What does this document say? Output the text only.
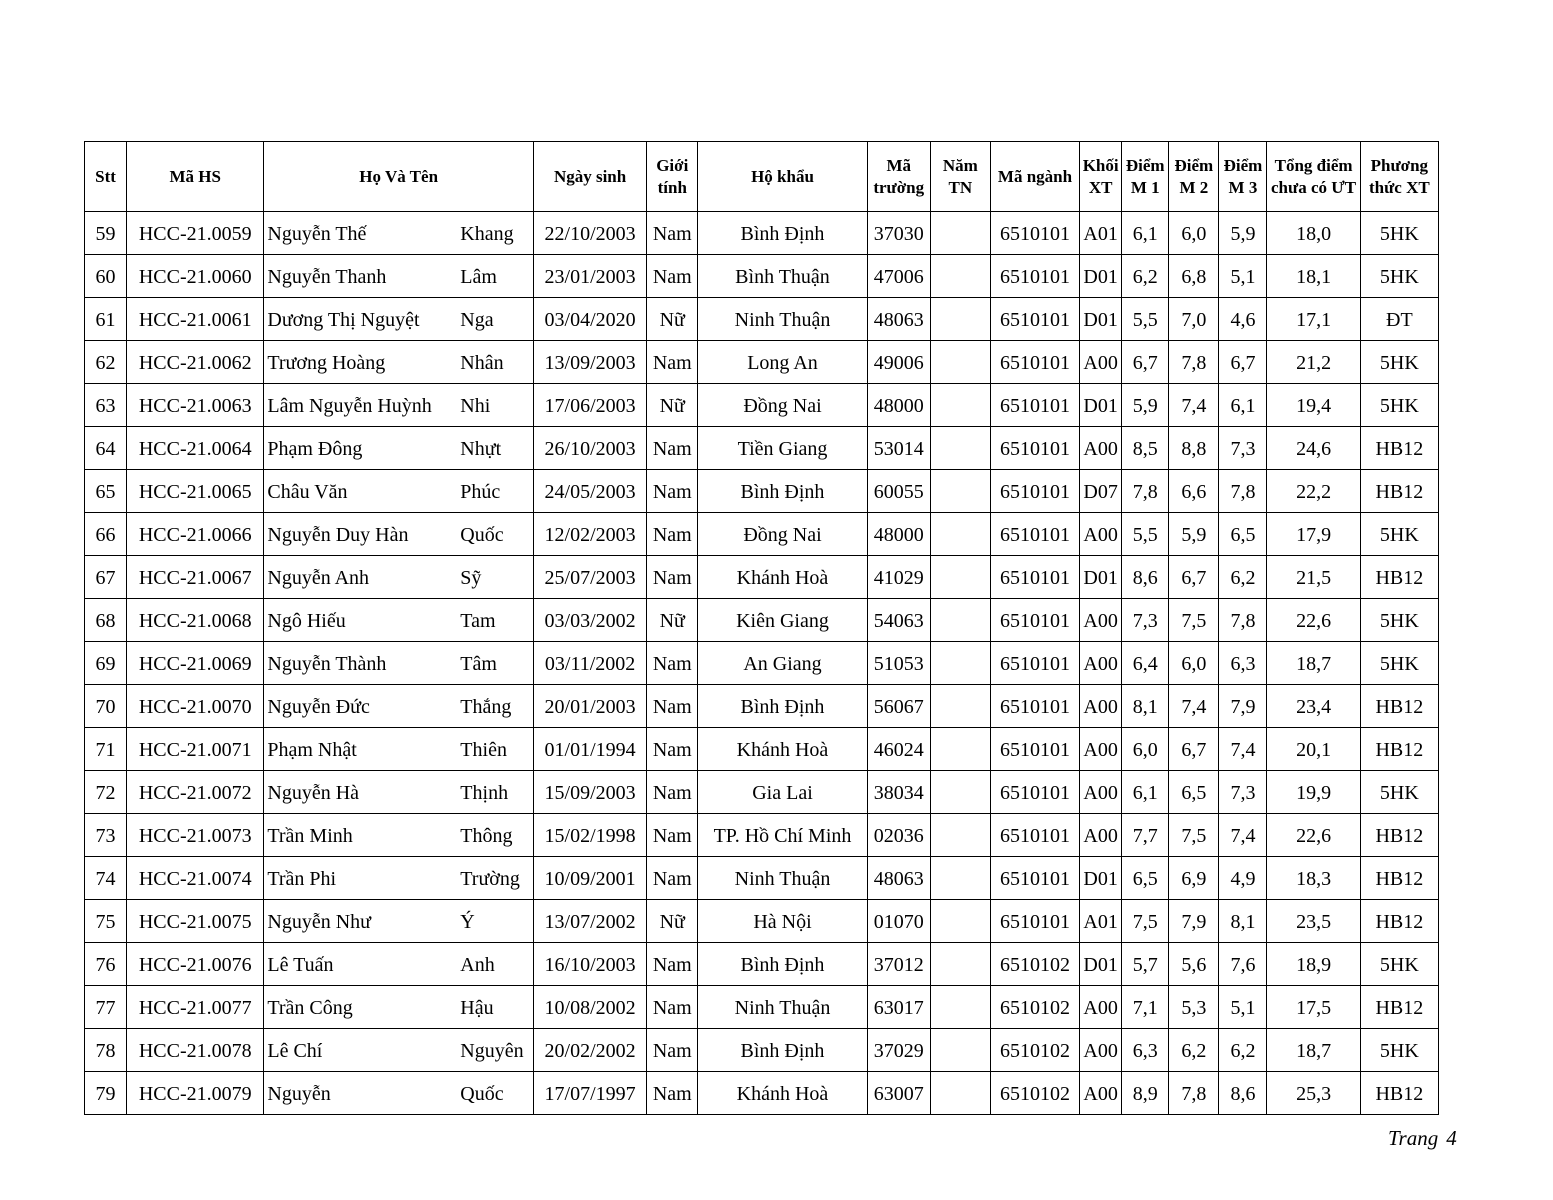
Stt	Mã HS	Họ Và Tên		Ngày sinh	Giới tính	Hộ khẩu	Mã trường	Năm TN	Mã ngành	Khối XT	Điểm M 1	Điểm M 2	Điểm M 3	Tổng điểm chưa có ƯT	Phương thức XT
59	HCC-21.0059	Nguyễn Thế	Khang	22/10/2003	Nam	Bình Định	37030		6510101	A01	6,1	6,0	5,9	18,0	5HK
60	HCC-21.0060	Nguyễn Thanh	Lâm	23/01/2003	Nam	Bình Thuận	47006		6510101	D01	6,2	6,8	5,1	18,1	5HK
61	HCC-21.0061	Dương Thị Nguyệt	Nga	03/04/2020	Nữ	Ninh Thuận	48063		6510101	D01	5,5	7,0	4,6	17,1	ĐT
62	HCC-21.0062	Trương Hoàng	Nhân	13/09/2003	Nam	Long An	49006		6510101	A00	6,7	7,8	6,7	21,2	5HK
63	HCC-21.0063	Lâm Nguyễn Huỳnh	Nhi	17/06/2003	Nữ	Đồng Nai	48000		6510101	D01	5,9	7,4	6,1	19,4	5HK
64	HCC-21.0064	Phạm Đông	Nhựt	26/10/2003	Nam	Tiền Giang	53014		6510101	A00	8,5	8,8	7,3	24,6	HB12
65	HCC-21.0065	Châu Văn	Phúc	24/05/2003	Nam	Bình Định	60055		6510101	D07	7,8	6,6	7,8	22,2	HB12
66	HCC-21.0066	Nguyễn Duy Hàn	Quốc	12/02/2003	Nam	Đồng Nai	48000		6510101	A00	5,5	5,9	6,5	17,9	5HK
67	HCC-21.0067	Nguyễn Anh	Sỹ	25/07/2003	Nam	Khánh Hoà	41029		6510101	D01	8,6	6,7	6,2	21,5	HB12
68	HCC-21.0068	Ngô Hiếu	Tam	03/03/2002	Nữ	Kiên Giang	54063		6510101	A00	7,3	7,5	7,8	22,6	5HK
69	HCC-21.0069	Nguyễn Thành	Tâm	03/11/2002	Nam	An Giang	51053		6510101	A00	6,4	6,0	6,3	18,7	5HK
70	HCC-21.0070	Nguyễn Đức	Thắng	20/01/2003	Nam	Bình Định	56067		6510101	A00	8,1	7,4	7,9	23,4	HB12
71	HCC-21.0071	Phạm Nhật	Thiên	01/01/1994	Nam	Khánh Hoà	46024		6510101	A00	6,0	6,7	7,4	20,1	HB12
72	HCC-21.0072	Nguyễn Hà	Thịnh	15/09/2003	Nam	Gia Lai	38034		6510101	A00	6,1	6,5	7,3	19,9	5HK
73	HCC-21.0073	Trần Minh	Thông	15/02/1998	Nam	TP. Hồ Chí Minh	02036		6510101	A00	7,7	7,5	7,4	22,6	HB12
74	HCC-21.0074	Trần Phi	Trường	10/09/2001	Nam	Ninh Thuận	48063		6510101	D01	6,5	6,9	4,9	18,3	HB12
75	HCC-21.0075	Nguyễn Như	Ý	13/07/2002	Nữ	Hà Nội	01070		6510101	A01	7,5	7,9	8,1	23,5	HB12
76	HCC-21.0076	Lê Tuấn	Anh	16/10/2003	Nam	Bình Định	37012		6510102	D01	5,7	5,6	7,6	18,9	5HK
77	HCC-21.0077	Trần Công	Hậu	10/08/2002	Nam	Ninh Thuận	63017		6510102	A00	7,1	5,3	5,1	17,5	HB12
78	HCC-21.0078	Lê Chí	Nguyên	20/02/2002	Nam	Bình Định	37029		6510102	A00	6,3	6,2	6,2	18,7	5HK
79	HCC-21.0079	Nguyễn	Quốc	17/07/1997	Nam	Khánh Hoà	63007		6510102	A00	8,9	7,8	8,6	25,3	HB12
Trang 4
